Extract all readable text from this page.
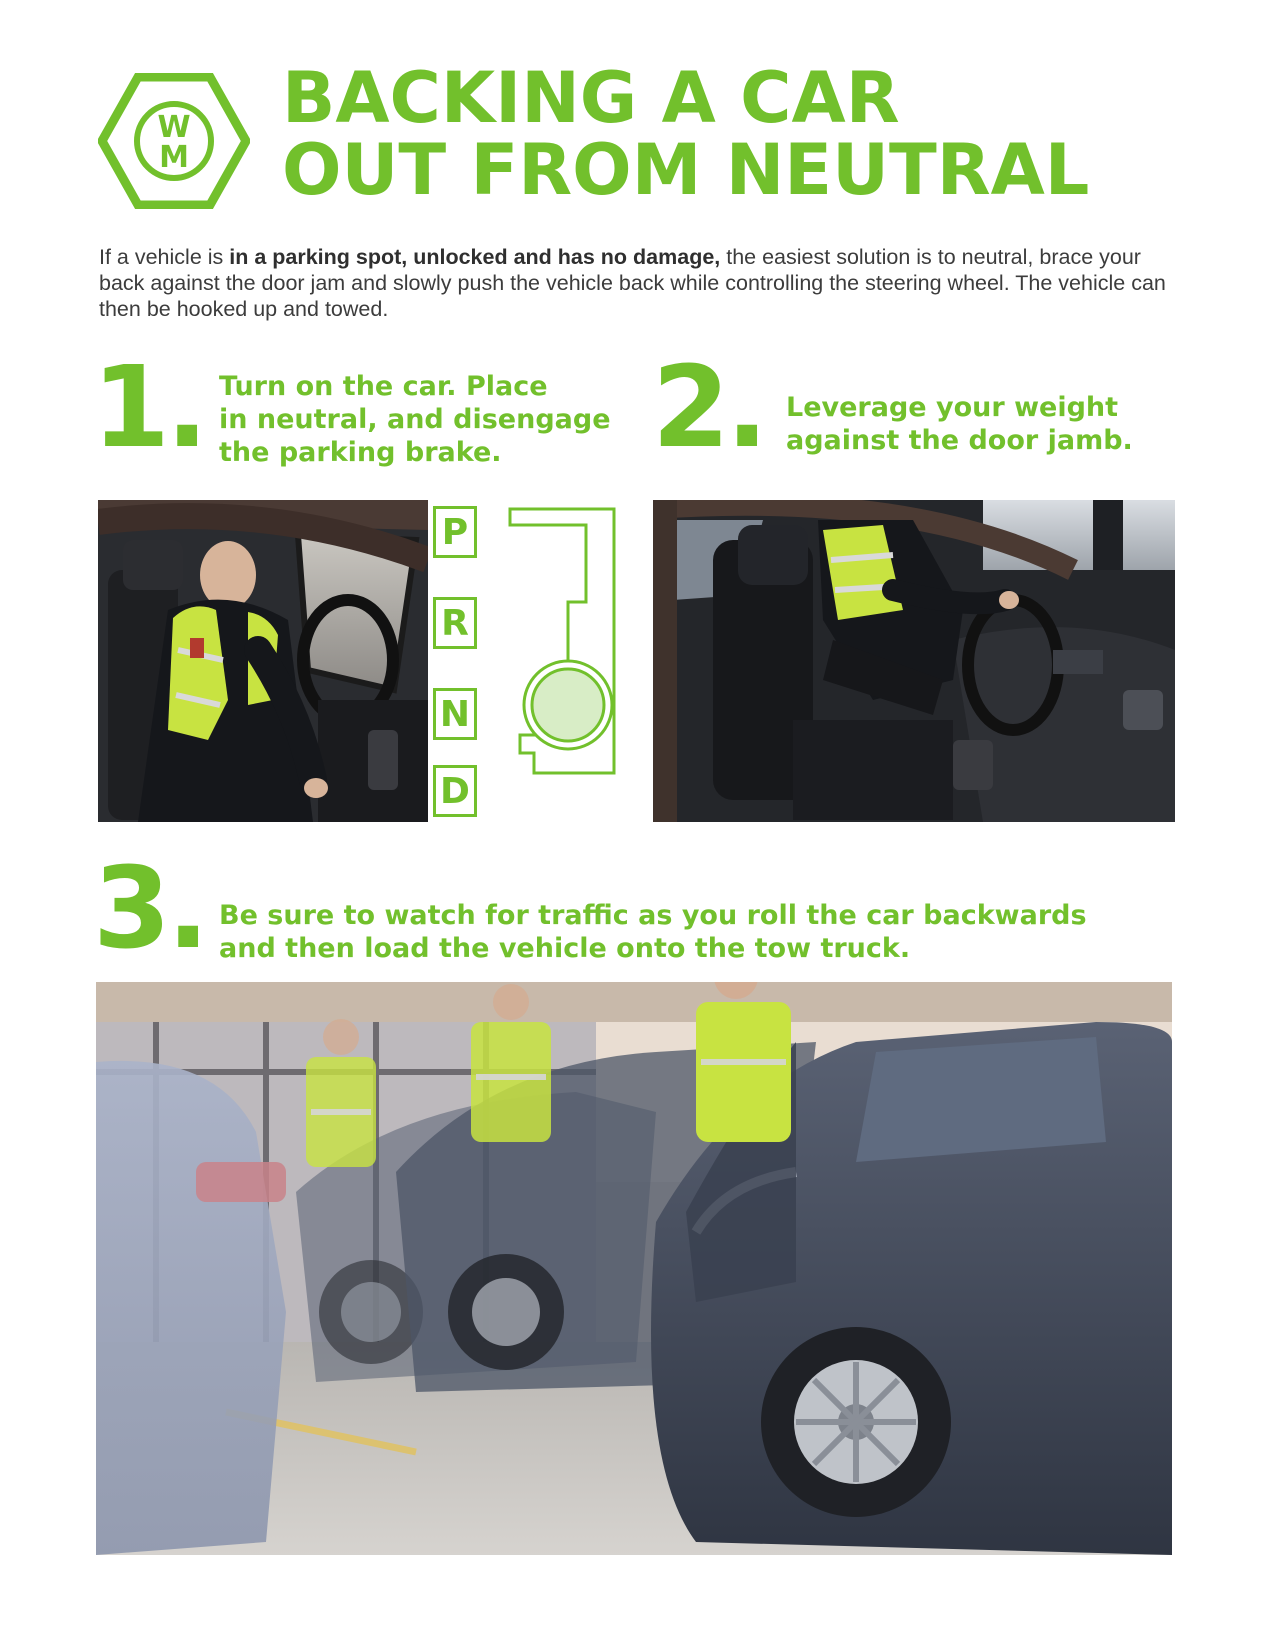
W
M
BACKING A CAR
OUT FROM NEUTRAL
If a vehicle is in a parking spot, unlocked and has no damage, the easiest solution is to neutral, brace your back against the door jam and slowly push the vehicle back while controlling the steering wheel. The vehicle can then be hooked up and towed.
1. Turn on the car. Place
in neutral, and disengage
the parking brake.	2. Leverage your weight
against the door jamb.
P
R
N
D
3. Be sure to watch for traffic as you roll the car backwards
and then load the vehicle onto the tow truck.
